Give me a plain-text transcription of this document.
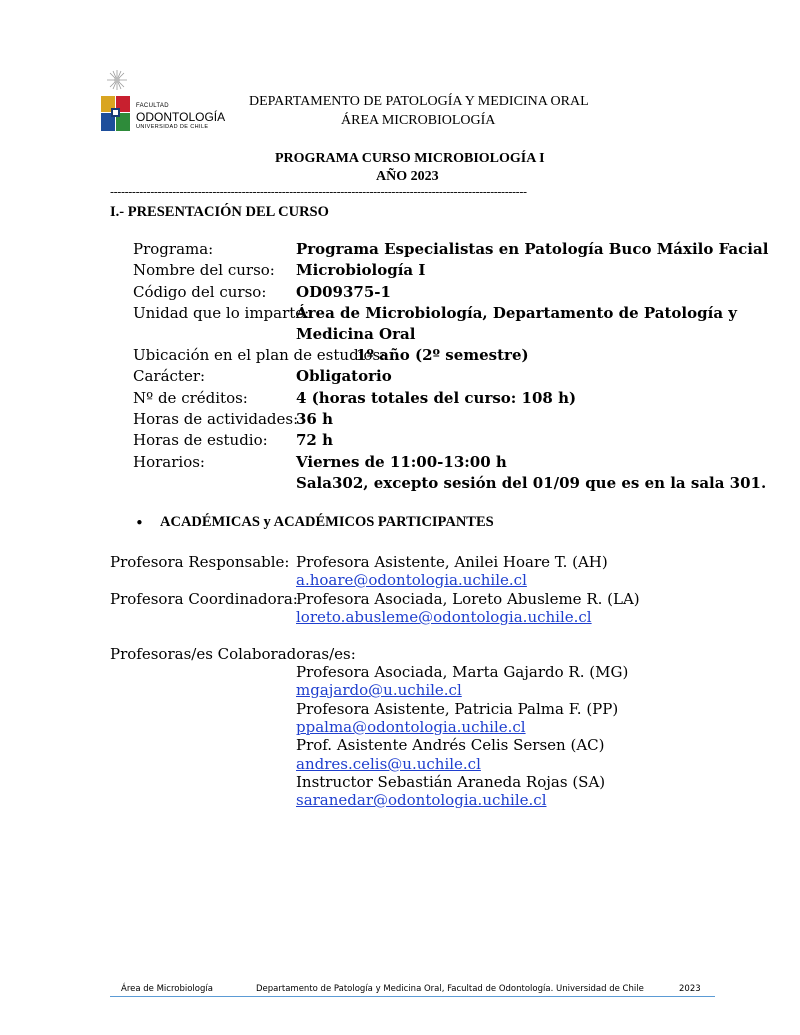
FACULTAD
ODONTOLOGÍA
UNIVERSIDAD DE CHILE
DEPARTAMENTO DE PATOLOGÍA Y MEDICINA ORAL
ÁREA MICROBIOLOGÍA
PROGRAMA CURSO MICROBIOLOGÍA I
AÑO 2023
------------------------------------------------------------------------------------------------------------------
I.- PRESENTACIÓN DEL CURSO
Programa:	Programa Especialistas en Patología Buco Máxilo Facial
Nombre del curso: Microbiología I
Código del curso: OD09375-1
Unidad que lo imparte:
Área de Microbiología, Departamento de Patología y
Medicina Oral
Ubicación en el plan de estudios:
1º año (2º semestre)
Carácter:	Obligatorio
Nº de créditos:	4 (horas totales del curso: 108 h)
Horas de actividades:
36 h
Horas de estudio: 72 h
Horarios:	Viernes de 11:00-13:00 h
Sala302, excepto sesión del 01/09 que es en la sala 301.
• ACADÉMICAS y ACADÉMICOS PARTICIPANTES
Profesora Responsable: Profesora Asistente, Anilei Hoare T. (AH)
a.hoare@odontologia.uchile.cl
Profesora Coordinadora:
Profesora Asociada, Loreto Abusleme R. (LA)
loreto.abusleme@odontologia.uchile.cl
Profesoras/es Colaboradoras/es:
Profesora Asociada, Marta Gajardo R. (MG)
mgajardo@u.uchile.cl
Profesora Asistente, Patricia Palma F. (PP)
ppalma@odontologia.uchile.cl
Prof. Asistente Andrés Celis Sersen (AC)
andres.celis@u.uchile.cl
Instructor Sebastián Araneda Rojas (SA)
saranedar@odontologia.uchile.cl
Área de Microbiología	Departamento de Patología y Medicina Oral, Facultad de Odontología. Universidad de Chile	2023
